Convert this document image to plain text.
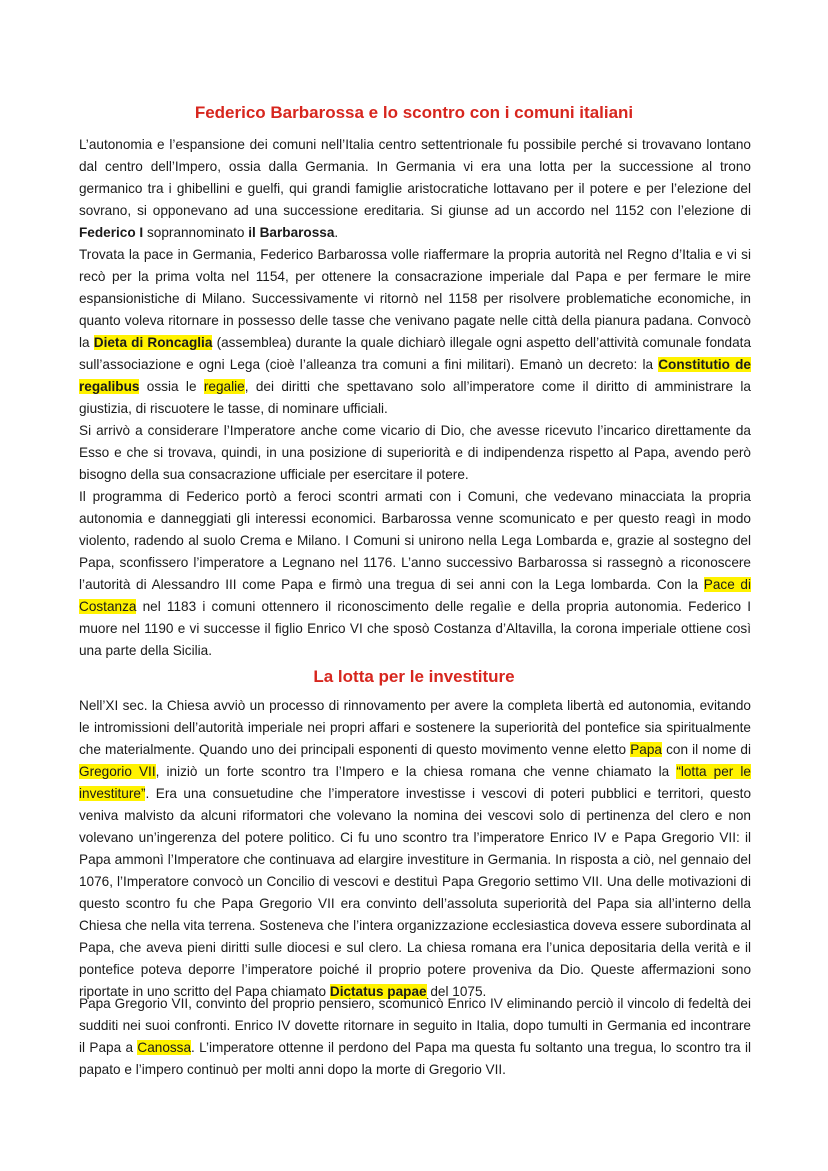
Federico Barbarossa e lo scontro con i comuni italiani

L’autonomia e l’espansione dei comuni nell’Italia centro settentrionale fu possibile perché si trovavano lontano dal centro dell’Impero, ossia dalla Germania. In Germania vi era una lotta per la successione al trono germanico tra i ghibellini e guelfi, qui grandi famiglie aristocratiche lottavano per il potere e per l’elezione del sovrano, si opponevano ad una successione ereditaria. Si giunse ad un accordo nel 1152 con l’elezione di Federico I soprannominato il Barbarossa.

Trovata la pace in Germania, Federico Barbarossa volle riaffermare la propria autorità nel Regno d’Italia e vi si recò per la prima volta nel 1154, per ottenere la consacrazione imperiale dal Papa e per fermare le mire espansionistiche di Milano. Successivamente vi ritornò nel 1158 per risolvere problematiche economiche, in quanto voleva ritornare in possesso delle tasse che venivano pagate nelle città della pianura padana. Convocò la Dieta di Roncaglia (assemblea) durante la quale dichiarò illegale ogni aspetto dell’attività comunale fondata sull’associazione e ogni Lega (cioè l’alleanza tra comuni a fini militari). Emanò un decreto: la Constitutio de regalibus ossia le regalie, dei diritti che spettavano solo all’imperatore come il diritto di amministrare la giustizia, di riscuotere le tasse, di nominare ufficiali.

Si arrivò a considerare l’Imperatore anche come vicario di Dio, che avesse ricevuto l’incarico direttamente da Esso e che si trovava, quindi, in una posizione di superiorità e di indipendenza rispetto al Papa, avendo però bisogno della sua consacrazione ufficiale per esercitare il potere.

Il programma di Federico portò a feroci scontri armati con i Comuni, che vedevano minacciata la propria autonomia e danneggiati gli interessi economici. Barbarossa venne scomunicato e per questo reagì in modo violento, radendo al suolo Crema e Milano. I Comuni si unirono nella Lega Lombarda e, grazie al sostegno del Papa, sconfissero l’imperatore a Legnano nel 1176. L’anno successivo Barbarossa si rassegnò a riconoscere l’autorità di Alessandro III come Papa e firmò una tregua di sei anni con la Lega lombarda. Con la Pace di Costanza nel 1183 i comuni ottennero il riconoscimento delle regalìe e della propria autonomia. Federico I muore nel 1190 e vi successe il figlio Enrico VI che sposò Costanza d’Altavilla, la corona imperiale ottiene così una parte della Sicilia.

La lotta per le investiture

Nell’XI sec. la Chiesa avviò un processo di rinnovamento per avere la completa libertà ed autonomia, evitando le intromissioni dell’autorità imperiale nei propri affari e sostenere la superiorità del pontefice sia spiritualmente che materialmente. Quando uno dei principali esponenti di questo movimento venne eletto Papa con il nome di Gregorio VII, iniziò un forte scontro tra l’Impero e la chiesa romana che venne chiamato la “lotta per le investiture”. Era una consuetudine che l’imperatore investisse i vescovi di poteri pubblici e territori, questo veniva malvisto da alcuni riformatori che volevano la nomina dei vescovi solo di pertinenza del clero e non volevano un’ingerenza del potere politico. Ci fu uno scontro tra l’imperatore Enrico IV e Papa Gregorio VII: il Papa ammonì l’Imperatore che continuava ad elargire investiture in Germania. In risposta a ciò, nel gennaio del 1076, l’Imperatore convocò un Concilio di vescovi e destituì Papa Gregorio settimo VII. Una delle motivazioni di questo scontro fu che Papa Gregorio VII era convinto dell’assoluta superiorità del Papa sia all’interno della Chiesa che nella vita terrena. Sosteneva che l’intera organizzazione ecclesiastica doveva essere subordinata al Papa, che aveva pieni diritti sulle diocesi e sul clero. La chiesa romana era l’unica depositaria della verità e il pontefice poteva deporre l’imperatore poiché il proprio potere proveniva da Dio. Queste affermazioni sono riportate in uno scritto del Papa chiamato Dictatus papae del 1075.

Papa Gregorio VII, convinto del proprio pensiero, scomunicò Enrico IV eliminando perciò il vincolo di fedeltà dei sudditi nei suoi confronti. Enrico IV dovette ritornare in seguito in Italia, dopo tumulti in Germania ed incontrare il Papa a Canossa. L’imperatore ottenne il perdono del Papa ma questa fu soltanto una tregua, lo scontro tra il papato e l’impero continuò per molti anni dopo la morte di Gregorio VII.
